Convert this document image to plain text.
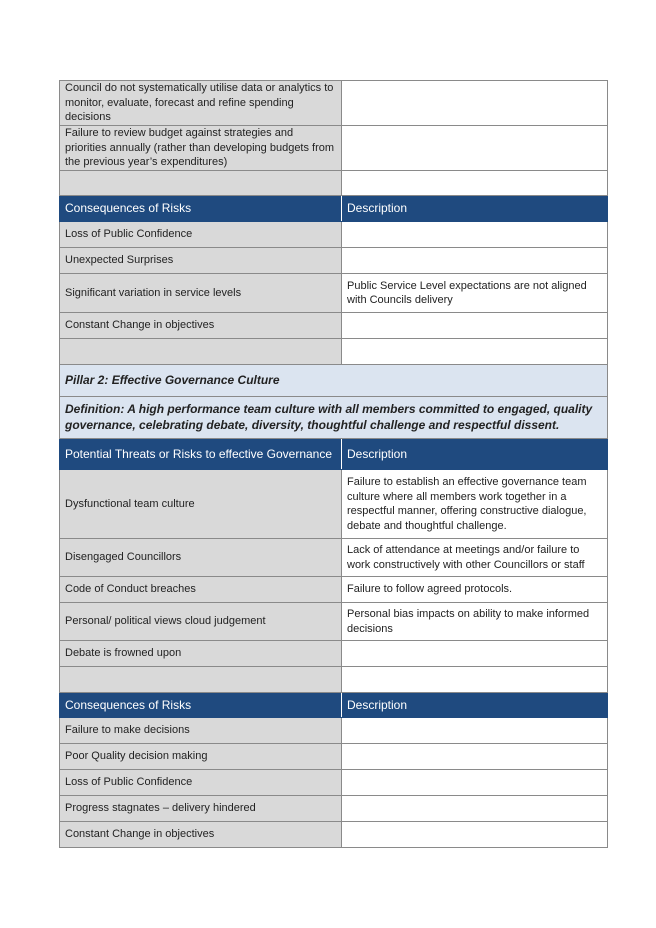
Council do not systematically utilise data or analytics to monitor, evaluate, forecast and refine spending decisions	
Failure to review budget against strategies and priorities annually (rather than developing budgets from the previous year’s expenditures)	

Consequences of Risks	Description
Loss of Public Confidence	
Unexpected Surprises	
Significant variation in service levels	Public Service Level expectations are not aligned with Councils delivery
Constant Change in objectives	

Pillar 2: Effective Governance Culture	
Definition: A high performance team culture with all members committed to engaged, quality governance, celebrating debate, diversity, thoughtful challenge and respectful dissent.	
Potential Threats or Risks to effective Governance	Description
Dysfunctional team culture	Failure to establish an effective governance team culture where all members work together in a respectful manner, offering constructive dialogue, debate and thoughtful challenge.
Disengaged Councillors	Lack of attendance at meetings and/or failure to work constructively with other Councillors or staff
Code of Conduct breaches	Failure to follow agreed protocols.
Personal/ political views cloud judgement	Personal bias impacts on ability to make informed decisions
Debate is frowned upon	

Consequences of Risks	Description
Failure to make decisions	
Poor Quality decision making	
Loss of Public Confidence	
Progress stagnates – delivery hindered	
Constant Change in objectives	
